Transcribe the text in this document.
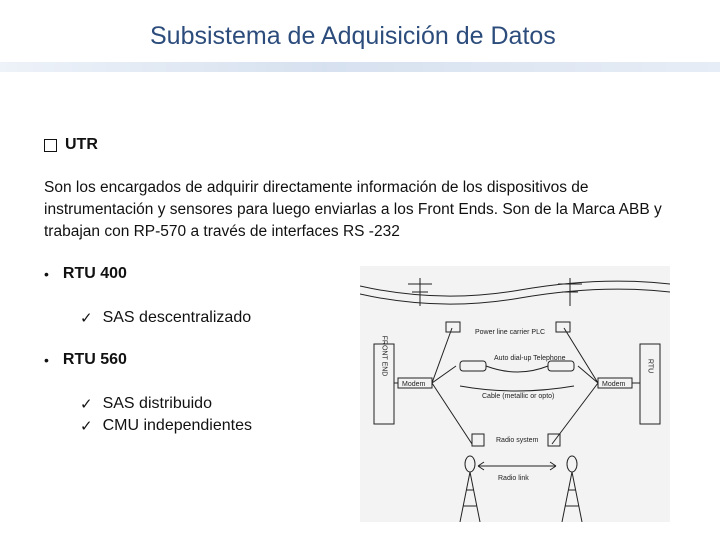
Subsistema de Adquisición de Datos
UTR
Son los encargados de adquirir directamente información de los dispositivos de instrumentación y sensores para luego enviarlas a los Front Ends. Son de la Marca ABB y trabajan con RP-570 a través de interfaces RS -232
• RTU 400
✓ SAS descentralizado
• RTU 560
✓ SAS distribuido
✓ CMU independientes
Power line carrier PLC
Auto dial-up Telephone
FRONT END	RTU
Modem	Modem
Cable (metallic or opto)
Radio system
Radio link
